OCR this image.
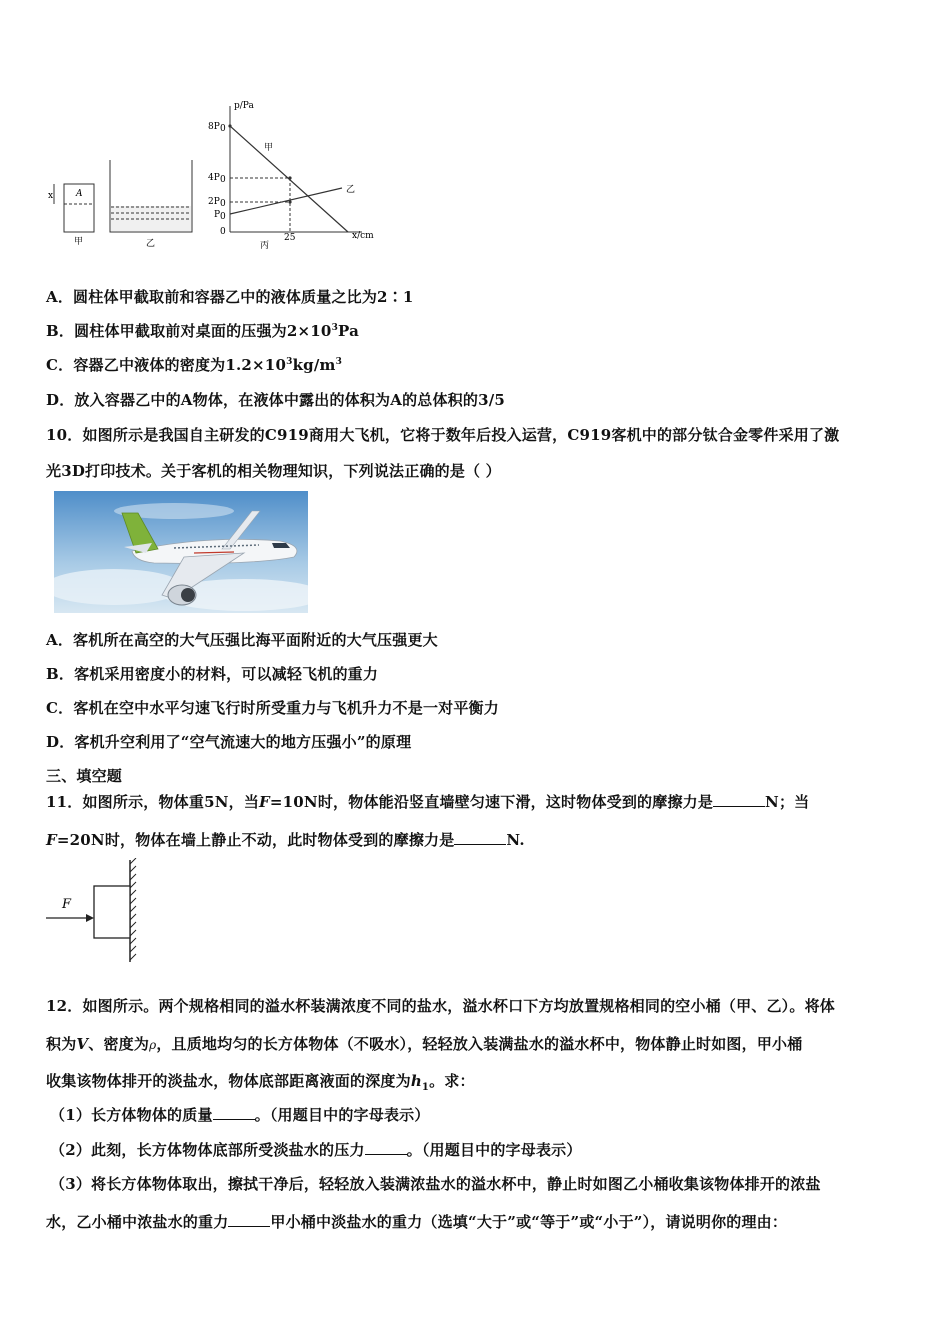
x	A
甲	乙
p/Pa
x/cm
8P 0
4P 0
2P 0
P 0
0
25
丙
甲
乙
A．圆柱体甲截取前和容器乙中的液体质量之比为2∶1
B．圆柱体甲截取前对桌面的压强为$2\times 10^3Pa$
C．容器乙中液体的密度为$1.2\times 10^3kg/m^3$
D．放入容器乙中的A物体，在液体中露出的体积为A的总体积的3/5
10．如图所示是我国自主研发的C919商用大飞机，它将于数年后投入运营，C919客机中的部分钛合金零件采用了激
光3D打印技术。关于客机的相关物理知识，下列说法正确的是（ ）
A．客机所在高空的大气压强比海平面附近的大气压强更大
B．客机采用密度小的材料，可以减轻飞机的重力
C．客机在空中水平匀速飞行时所受重力与飞机升力不是一对平衡力
D．客机升空利用了“空气流速大的地方压强小”的原理
三、填空题
11．如图所示，物体重5N，当F=10N时，物体能沿竖直墙壁匀速下滑，这时物体受到的摩擦力是	N；当
F=20N时，物体在墙上静止不动，此时物体受到的摩擦力是	N.
F
12．如图所示。两个规格相同的溢水杯装满浓度不同的盐水，溢水杯口下方均放置规格相同的空小桶（甲、乙）。将体
积为V、密度为ρ，且质地均匀的长方体物体（不吸水），轻轻放入装满盐水的溢水杯中，物体静止时如图，甲小桶
收集该物体排开的淡盐水，物体底部距离液面的深度为$h_1$。求：
（1）长方体物体的质量	。（用题目中的字母表示）
（2）此刻，长方体物体底部所受淡盐水的压力	。（用题目中的字母表示）
（3）将长方体物体取出，擦拭干净后，轻轻放入装满浓盐水的溢水杯中，静止时如图乙小桶收集该物体排开的浓盐
水，乙小桶中浓盐水的重力	甲小桶中淡盐水的重力（选填“大于”或“等于”或“小于”），请说明你的理由：
